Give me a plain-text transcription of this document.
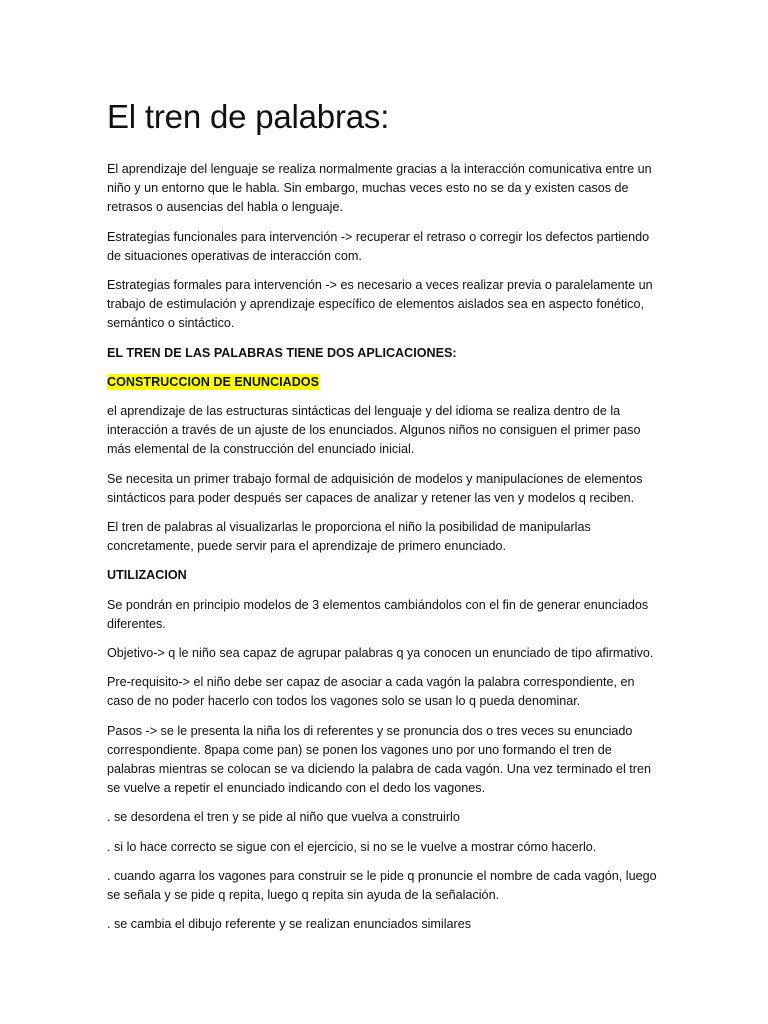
El tren de palabras:

El aprendizaje del lenguaje se realiza normalmente gracias a la interacción comunicativa entre un niño y un entorno que le habla. Sin embargo, muchas veces esto no se da y existen casos de retrasos o ausencias del habla o lenguaje.

Estrategias funcionales para intervención -> recuperar el retraso o corregir los defectos partiendo de situaciones operativas de interacción com.

Estrategias formales para intervención -> es necesario a veces realizar previa o paralelamente un trabajo de estimulación y aprendizaje específico de elementos aislados sea en aspecto fonético, semántico o sintáctico.

EL TREN DE LAS PALABRAS TIENE DOS APLICACIONES:

CONSTRUCCION DE ENUNCIADOS

el aprendizaje de las estructuras sintácticas del lenguaje y del idioma se realiza dentro de la interacción a través de un ajuste de los enunciados. Algunos niños no consiguen el primer paso más elemental de la construcción del enunciado inicial.

Se necesita un primer trabajo formal de adquisición de modelos y manipulaciones de elementos sintácticos para poder después ser capaces de analizar y retener las ven y modelos q reciben.

El tren de palabras al visualizarlas le proporciona el niño la posibilidad de manipularlas concretamente, puede servir para el aprendizaje de primero enunciado.

UTILIZACION

Se pondrán en principio modelos de 3 elementos cambiándolos con el fin de generar enunciados diferentes.

Objetivo-> q le niño sea capaz de agrupar palabras q ya conocen un enunciado de tipo afirmativo.

Pre-requisito-> el niño debe ser capaz de asociar a cada vagón la palabra correspondiente, en caso de no poder hacerlo con todos los vagones solo se usan lo q pueda denominar.

Pasos -> se le presenta la niña los di referentes y se pronuncia dos o tres veces su enunciado correspondiente. 8papa come pan) se ponen los vagones uno por uno formando el tren de palabras mientras se colocan se va diciendo la palabra de cada vagón. Una vez terminado el tren se vuelve a repetir el enunciado indicando con el dedo los vagones.

. se desordena el tren y se pide al niño que vuelva a construirlo

. si lo hace correcto se sigue con el ejercicio, si no se le vuelve a mostrar cómo hacerlo.

. cuando agarra los vagones para construir se le pide q pronuncie el nombre de cada vagón, luego se señala y se pide q repita, luego q repita sin ayuda de la señalación.

. se cambia el dibujo referente y se realizan enunciados similares
